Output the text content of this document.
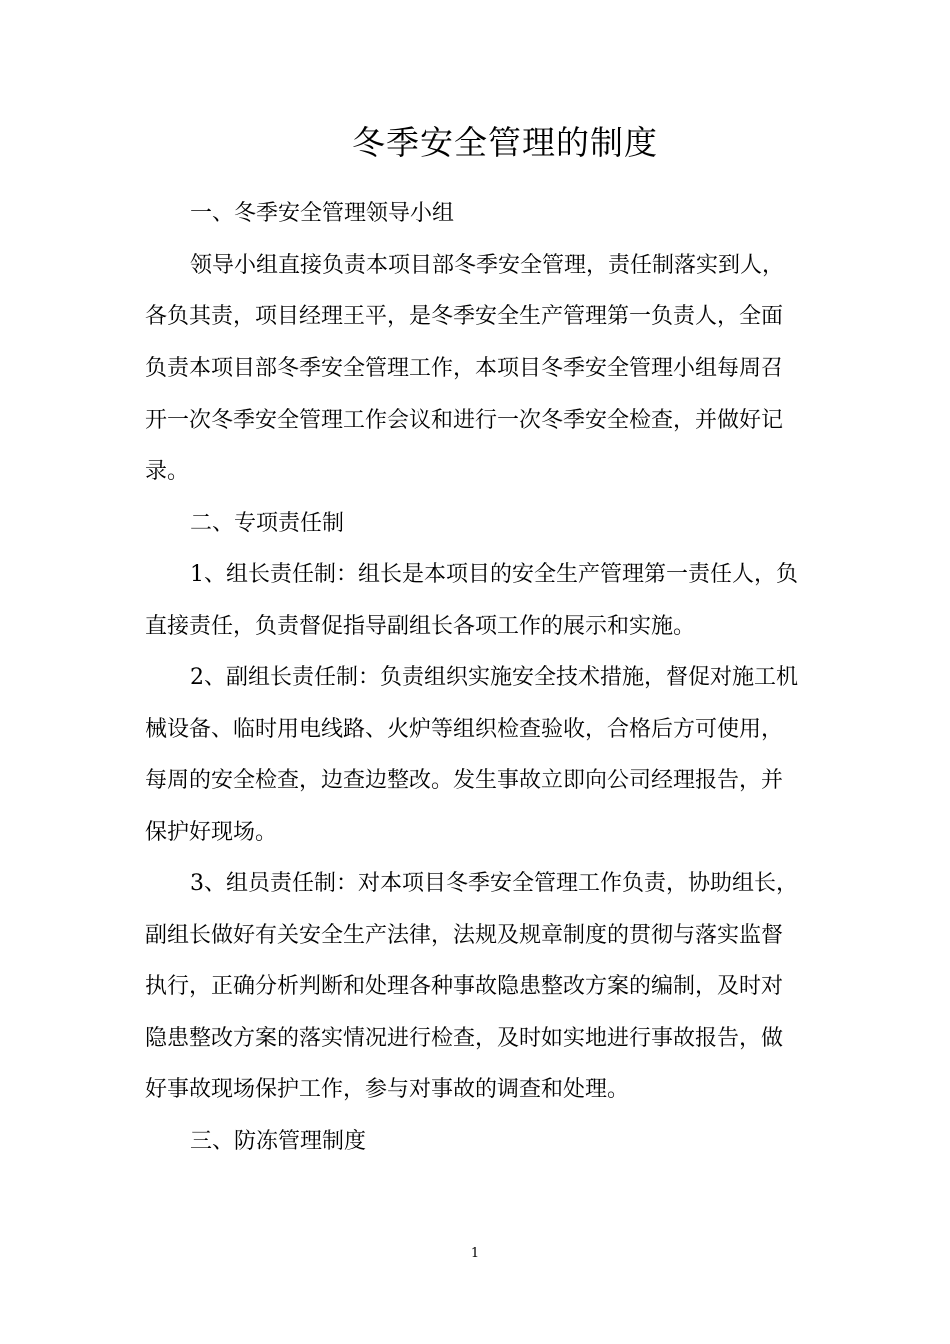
冬季安全管理的制度
一、冬季安全管理领导小组
领导小组直接负责本项目部冬季安全管理，责任制落实到人，
各负其责，项目经理王平，是冬季安全生产管理第一负责人，全面
负责本项目部冬季安全管理工作，本项目冬季安全管理小组每周召
开一次冬季安全管理工作会议和进行一次冬季安全检查，并做好记
录。
二、专项责任制
1、组长责任制：组长是本项目的安全生产管理第一责任人，负
直接责任，负责督促指导副组长各项工作的展示和实施。
2、副组长责任制：负责组织实施安全技术措施，督促对施工机
械设备、临时用电线路、火炉等组织检查验收，合格后方可使用，
每周的安全检查，边查边整改。发生事故立即向公司经理报告，并
保护好现场。
3、组员责任制：对本项目冬季安全管理工作负责，协助组长，
副组长做好有关安全生产法律，法规及规章制度的贯彻与落实监督
执行，正确分析判断和处理各种事故隐患整改方案的编制，及时对
隐患整改方案的落实情况进行检查，及时如实地进行事故报告，做
好事故现场保护工作，参与对事故的调查和处理。
三、防冻管理制度
1
